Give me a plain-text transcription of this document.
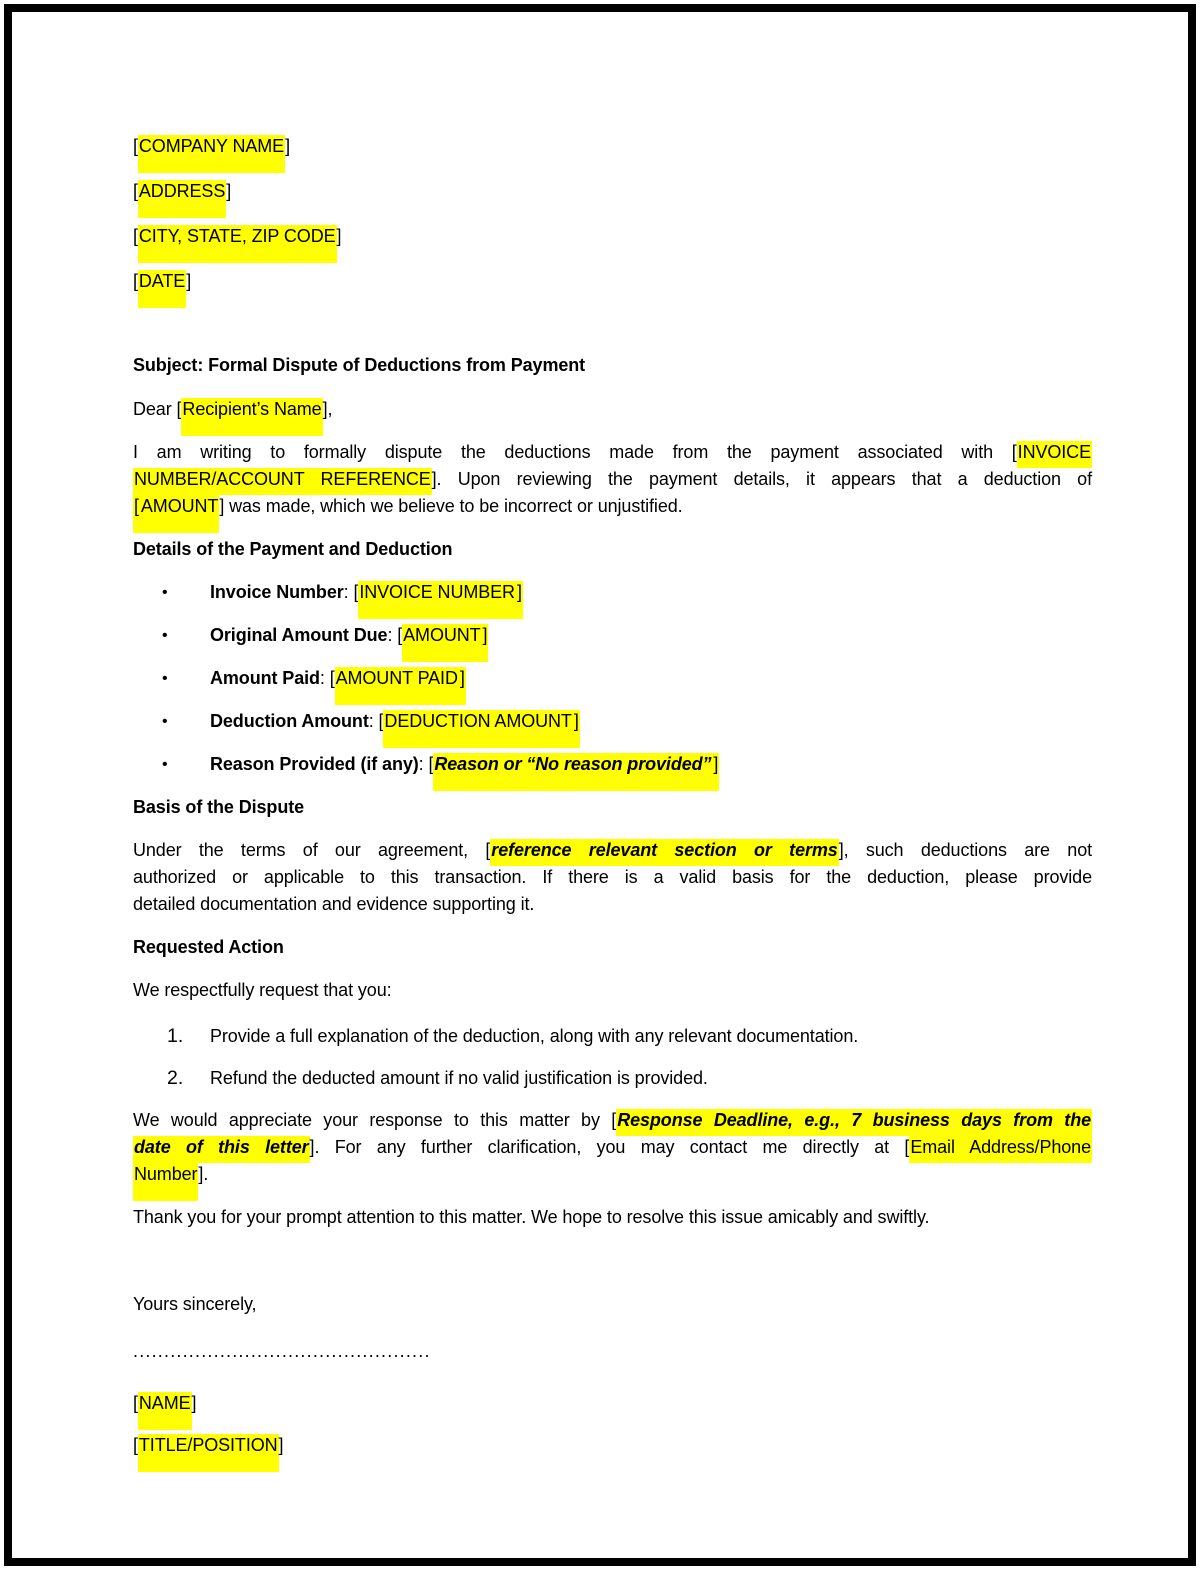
[COMPANY NAME]
[ADDRESS]
[CITY, STATE, ZIP CODE]
[DATE]
Subject: Formal Dispute of Deductions from Payment
Dear [Recipient’s Name],
I am writing to formally dispute the deductions made from the payment associated with [INVOICE
NUMBER/ACCOUNT REFERENCE]. Upon reviewing the payment details, it appears that a deduction of
[ AMOUNT] was made, which we believe to be incorrect or unjustified.
Details of the Payment and Deduction
•	Invoice Number: [INVOICE NUMBER ]
•	Original Amount Due: [AMOUNT ]
•	Amount Paid: [AMOUNT PAID ]
•	Deduction Amount: [DEDUCTION AMOUNT ]
•	Reason Provided (if any): [Reason or “No reason provided” ]
Basis of the Dispute
Under the terms of our agreement, [reference relevant section or terms], such deductions are not
authorized or applicable to this transaction. If there is a valid basis for the deduction, please provide
detailed documentation and evidence supporting it.
Requested Action
We respectfully request that you:
1.	Provide a full explanation of the deduction, along with any relevant documentation.
2.	Refund the deducted amount if no valid justification is provided.
We would appreciate your response to this matter by [Response Deadline, e.g., 7 business days from the
date of this letter]. For any further clarification, you may contact me directly at [Email Address/Phone
Number].
Thank you for your prompt attention to this matter. We hope to resolve this issue amicably and swiftly.
Yours sincerely,
................................................
[NAME]
[TITLE/POSITION]
